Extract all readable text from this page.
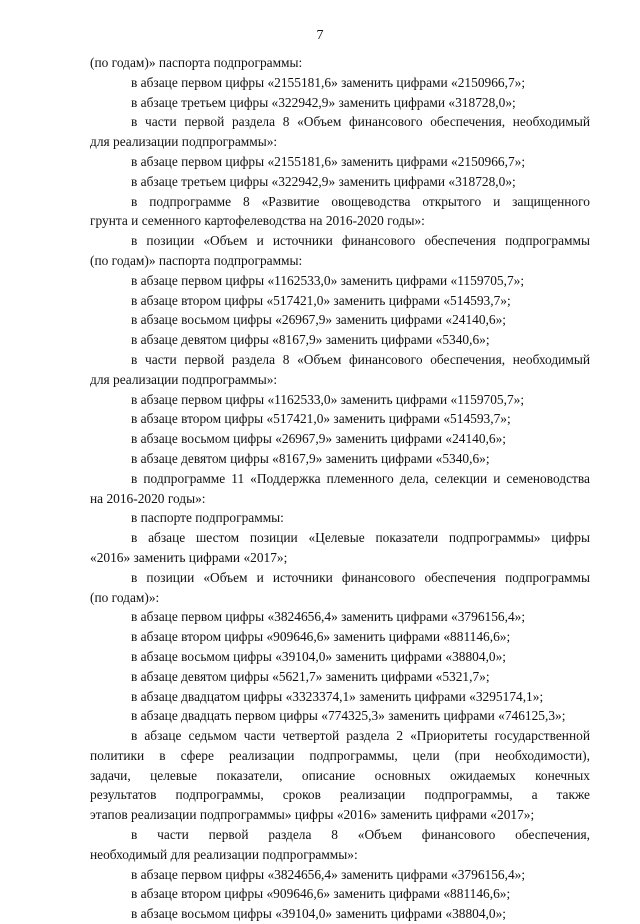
7
(по годам)» паспорта подпрограммы:
в абзаце первом цифры «2155181,6» заменить цифрами «2150966,7»;
в абзаце третьем цифры «322942,9» заменить цифрами «318728,0»;
в части первой раздела 8 «Объем финансового обеспечения, необходимый
для реализации подпрограммы»:
в абзаце первом цифры «2155181,6» заменить цифрами «2150966,7»;
в абзаце третьем цифры «322942,9» заменить цифрами «318728,0»;
в подпрограмме 8 «Развитие овощеводства открытого и защищенного
грунта и семенного картофелеводства на 2016-2020 годы»:
в позиции «Объем и источники финансового обеспечения подпрограммы
(по годам)» паспорта подпрограммы:
в абзаце первом цифры «1162533,0» заменить цифрами «1159705,7»;
в абзаце втором цифры «517421,0» заменить цифрами «514593,7»;
в абзаце восьмом цифры «26967,9» заменить цифрами «24140,6»;
в абзаце девятом цифры «8167,9» заменить цифрами «5340,6»;
в части первой раздела 8 «Объем финансового обеспечения, необходимый
для реализации подпрограммы»:
в абзаце первом цифры «1162533,0» заменить цифрами «1159705,7»;
в абзаце втором цифры «517421,0» заменить цифрами «514593,7»;
в абзаце восьмом цифры «26967,9» заменить цифрами «24140,6»;
в абзаце девятом цифры «8167,9» заменить цифрами «5340,6»;
в подпрограмме 11 «Поддержка племенного дела, селекции и семеноводства
на 2016-2020 годы»:
в паспорте подпрограммы:
в абзаце шестом позиции «Целевые показатели подпрограммы» цифры
«2016» заменить цифрами «2017»;
в позиции «Объем и источники финансового обеспечения подпрограммы
(по годам)»:
в абзаце первом цифры «3824656,4» заменить цифрами «3796156,4»;
в абзаце втором цифры «909646,6» заменить цифрами «881146,6»;
в абзаце восьмом цифры «39104,0» заменить цифрами «38804,0»;
в абзаце девятом цифры «5621,7» заменить цифрами «5321,7»;
в абзаце двадцатом цифры «3323374,1» заменить цифрами «3295174,1»;
в абзаце двадцать первом цифры «774325,3» заменить цифрами «746125,3»;
в абзаце седьмом части четвертой раздела 2 «Приоритеты государственной
политики в сфере реализации подпрограммы, цели (при необходимости),
задачи, целевые показатели, описание основных ожидаемых конечных
результатов подпрограммы, сроков реализации подпрограммы, а также
этапов реализации подпрограммы» цифры «2016» заменить цифрами «2017»;
в части первой раздела 8 «Объем финансового обеспечения,
необходимый для реализации подпрограммы»:
в абзаце первом цифры «3824656,4» заменить цифрами «3796156,4»;
в абзаце втором цифры «909646,6» заменить цифрами «881146,6»;
в абзаце восьмом цифры «39104,0» заменить цифрами «38804,0»;
